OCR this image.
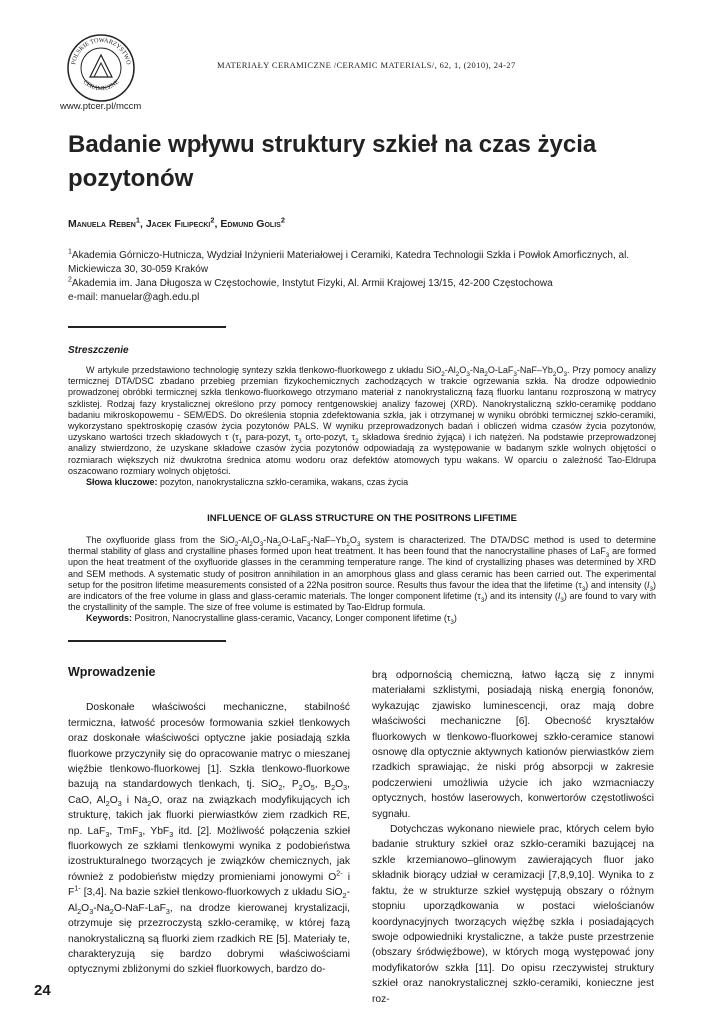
POLSKIE TOWARZYSTWO
CERAMICZNE
www.ptcer.pl/mccm
MATERIAŁY CERAMICZNE /CERAMIC MATERIALS/, 62, 1, (2010), 24-27
Badanie wpływu struktury szkieł na czas życia pozytonów
Manuela Reben$^1$, Jacek Filipecki$^2$, Edmund Golis$^2$
$^1$Akademia Górniczo-Hutnicza, Wydział Inżynierii Materiałowej i Ceramiki, Katedra Technologii Szkła i Powłok Amorficznych, al. Mickiewicza 30, 30-059 Kraków
$^2$Akademia im. Jana Długosza w Częstochowie, Instytut Fizyki, Al. Armii Krajowej 13/15, 42-200 Częstochowa
e-mail: manuelar@agh.edu.pl
Streszczenie

W artykule przedstawiono technologię syntezy szkła tlenkowo-fluorkowego z układu $SiO_2-Al_2O_3-Na_2O-LaF_3-NaF-Yb_2O_3$. Przy pomocy analizy termicznej DTA/DSC zbadano przebieg przemian fizykochemicznych zachodzących w trakcie ogrzewania szkła. Na drodze odpowiednio prowadzonej obróbki termicznej szkła tlenkowo-fluorkowego otrzymano materiał z nanokrystaliczną fazą fluorku lantanu rozproszoną w matrycy szklistej. Rodzaj fazy krystalicznej określono przy pomocy rentgenowskiej analizy fazowej (XRD). Nanokrystaliczną szkło-ceramikę poddano badaniu mikroskopowemu - SEM/EDS. Do określenia stopnia zdefektowania szkła, jak i otrzymanej w wyniku obróbki termicznej szkło-ceramiki, wykorzystano spektroskopię czasów życia pozytonów PALS. W wyniku przeprowadzonych badań i obliczeń widma czasów życia pozytonów, uzyskano wartości trzech składowych τ ($\tau_1$ para-pozyt, $\tau_3$ orto-pozyt, $\tau_2$ składowa średnio żyjąca) i ich natężeń. Na podstawie przeprowadzonej analizy stwierdzono, że uzyskane składowe czasów życia pozytonów odpowiadają za występowanie w badanym szkle wolnych objętości o rozmiarach większych niż dwukrotna średnica atomu wodoru oraz defektów atomowych typu wakans. W oparciu o zależność Tao-Eldrupa oszacowano rozmiary wolnych objętości.

Słowa kluczowe: pozyton, nanokrystaliczna szkło-ceramika, wakans, czas życia
INFLUENCE OF GLASS STRUCTURE ON THE POSITRONS LIFETIME

The oxyfluoride glass from the $SiO_2-Al_2O_3-Na_2O-LaF_3-NaF-Yb_2O_3$ system is characterized. The DTA/DSC method is used to determine thermal stability of glass and crystalline phases formed upon heat treatment. It has been found that the nanocrystalline phases of LaF$_3$ are formed upon the heat treatment of the oxyfluoride glasses in the ceramming temperature range. The kind of crystallizing phases was determined by XRD and SEM methods. A systematic study of positron annihilation in an amorphous glass and glass ceramic has been carried out. The experimental setup for the positron lifetime measurements consisted of a 22Na positron source. Results thus favour the idea that the lifetime $(\tau_3)$ and intensity $(I_3)$ are indicators of the free volume in glass and glass-ceramic materials. The longer component lifetime $(\tau_3)$ and its intensity $(I_3)$ are found to vary with the crystallinity of the sample. The size of free volume is estimated by Tao-Eldrup formula.

Keywords: Positron, Nanocrystalline glass-ceramic, Vacancy, Longer component lifetime $(\tau_3)$
Wprowadzenie

Doskonałe właściwości mechaniczne, stabilność termiczna, łatwość procesów formowania szkieł tlenkowych oraz doskonałe właściwości optyczne jakie posiadają szkła fluorkowe przyczyniły się do opracowanie matryc o mieszanej więźbie tlenkowo-fluorkowej [1]. Szkła tlenkowo-fluorkowe bazują na standardowych tlenkach, tj. SiO$_2$, $P_2O_5$, $B_2O_3$, CaO, $Al_2O_3$ i $Na_2O$, oraz na związkach modyfikujących ich strukturę, takich jak fluorki pierwiastków ziem rzadkich RE, np. LaF$_3$, TmF$_3$, YbF$_3$ itd. [2]. Możliwość połączenia szkieł fluorkowych ze szkłami tlenkowymi wynika z podobieństwa izostrukturalnego tworzących je związków chemicznych, jak również z podobieństw między promieniami jonowymi $O^{2-}$ i $F^{1-}$ [3,4]. Na bazie szkieł tlenkowo-fluorkowych z układu $SiO_2-Al_2O_3-Na_2O-NaF-LaF_3$, na drodze kierowanej krystalizacji, otrzymuje się przezroczystą szkło-ceramikę, w której fazą nanokrystaliczną są fluorki ziem rzadkich RE [5]. Materiały te, charakteryzują się bardzo dobrymi właściwościami optycznymi zbliżonymi do szkieł fluorkowych, bardzo do-

brą odpornością chemiczną, łatwo łączą się z innymi materiałami szklistymi, posiadają niską energią fononów, wykazując zjawisko luminescencji, oraz mają dobre właściwości mechaniczne [6]. Obecność kryształów fluorkowych w tlenkowo-fluorkowej szkło-ceramice stanowi osnowę dla optycznie aktywnych kationów pierwiastków ziem rzadkich sprawiając, że niski próg absorpcji w zakresie podczerwieni umożliwia użycie ich jako wzmacniaczy optycznych, hostów laserowych, konwertorów częstotliwości sygnału.

Dotychczas wykonano niewiele prac, których celem było badanie struktury szkieł oraz szkło-ceramiki bazującej na szkle krzemianowo–glinowym zawierających fluor jako składnik biorący udział w ceramizacji [7,8,9,10]. Wynika to z faktu, że w strukturze szkieł występują obszary o różnym stopniu uporządkowania w postaci wielościanów koordynacyjnych tworzących więźbę szkła i posiadających swoje odpowiedniki krystaliczne, a także puste przestrzenie (obszary śródwięźbowe), w których mogą występować jony modyfikatorów szkła [11]. Do opisu rzeczywistej struktury szkieł oraz nanokrystalicznej szkło-ceramiki, konieczne jest roz-

24
